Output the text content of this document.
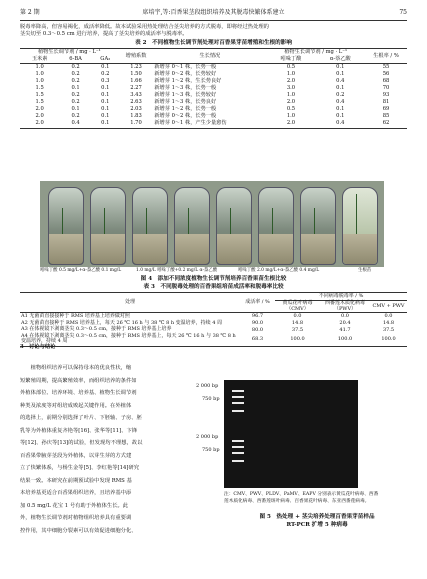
第 2 期	席培宇,等:百香果茎段组织培养及其脱毒快繁体系建立	75
脱毒率降高，但容易褐化，成活率降低。故本试验采用热处理结合茎尖培养的方式脱毒，即将经过热处理的
茎尖切至 0.3～0.5 cm 进行培养，提高了茎尖培养的成活率与脱毒率。
表 2　不同植物生长调节剂处理对百香果芽苗增殖和生根的影响
植物生长调节剂 / mg · L⁻¹			增殖系数	生长情况	植物生长调节剂 / mg · L⁻¹		生根率 / %
玉米素	6-BA	GA₃			吲哚丁酸	α-萘乙酸	
1.0	0.2	0.1	1.23	新增芽 0～1 株，长势一般	0.5	0.1	55
1.0	0.2	0.2	1.50	新增芽 0～2 株，长势较好	1.0	0.1	56
1.0	0.2	0.3	1.66	新增芽 1～2 株，生长势良好	2.0	0.4	68
1.5	0.1	0.1	2.27	新增芽 1～3 株，长势一般	3.0	0.1	70
1.5	0.2	0.1	3.43	新增芽 1～3 株，长势较好	1.0	0.2	93
1.5	0.2	0.1	2.63	新增芽 1～3 株，长势良好	2.0	0.4	81
2.0	0.1	0.1	2.03	新增芽 1～2 株，长势一般	0.5	0.1	69
2.0	0.2	0.1	1.83	新增芽 0～2 株，长势一般	1.0	0.1	85
2.0	0.4	0.1	1.70	新增芽 0～1 株，产生少量愈伤	2.0	0.4	62
吲哚丁酸 0.5 mg/L+α-萘乙酸 0.1 mg/L	1.0 mg/L 吲哚丁酸+0.2 mg/L α-萘乙酸	吲哚丁酸 2.0 mg/L+α-萘乙酸 0.4 mg/L	生根苗
图 4　添加不同浓度植物生长调节剂培养百香果苗生根比较
表 3　不同脱毒处理的百香果组培苗成活率和脱毒率比较
处理	成活率 / %	不同病毒脱毒率 / %		
		黄瓜花叶病毒（CMV）	西番莲木质化病毒（PWV）	CMV + PWV
A1 无菌苗直接接种于 RMS 培养基上培养做对照	96.7	0.0	0.0	0.0
A2 无菌苗直接种于 RMS 培养基上，每天 26 ℃ 16 h 与 38 ℃ 8 h 变温培养，持续 4 周	90.0	14.8	20.4	14.8
A3 在体视镜下剥离茎尖 0.3～0.5 cm，接种于 RMS 培养基上培养	80.0	37.5	41.7	37.5
A4 在体视镜下剥离茎尖 0.3～0.5 cm，接种于 RMS 培养基上，每天 26 ℃ 16 h 与 38 ℃ 8 h 变温培养，持续 4 周	68.3	100.0	100.0	100.0
3　讨论与结论
植物组织培养可以保持母本的优良性状，缩
短繁殖周期，提高繁殖效率，而组织培养的条件如
外植体部位、培养环境、培养基、植物生长调节剂
种类及浓度等对组培成败起关键作用。在外植体
的选择上，前期分别选择了叶片、下胚轴、子房、胚
乳等为外植体重复齐艳等[16]、张华等[11]、卞锋
等[12]、孙庆等[13]的试验，但发现均不理想，故以
百香果带腋芽茎段为外植体，以芽生芽的方式建
立了快繁体系，与杨生金等[5]、李红艳等[14]研究
结果一致。本研究在前期预试验中发现 RMS 基
本培养基更适合百香果组织培养，且培养基中添
加 0.5 mg/L 花宝 1 号有助于外植体生长。此
外，植物生长调节剂对植物组织培养具有重要调
控作用，其中细胞分裂素可以有效促进细胞分化、
2 000 bp
750 bp
2 000 bp
750 bp
注：CMV、PWV、PLDV、PaMV、EAPV 分别表示黄瓜花叶病毒、西番莲木质化病毒、西番莲斑叶病毒、百香果花叶病毒、东亚西番莲病毒。
图 5　热处理 + 茎尖培养处理百香果芽苗样品
RT-PCR 扩增 5 种病毒
